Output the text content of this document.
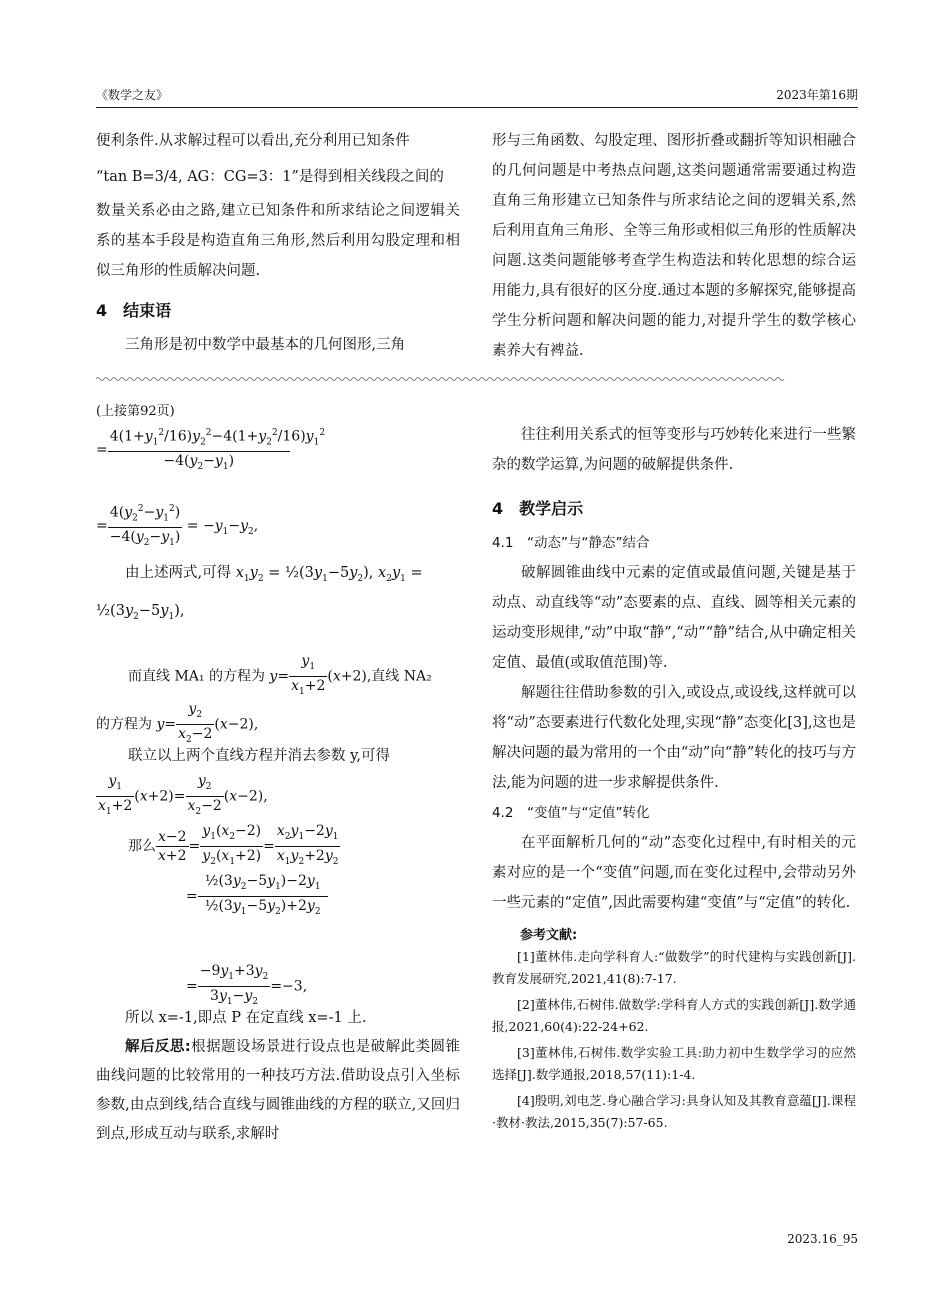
《数学之友》	2023年第16期

便利条件.从求解过程可以看出,充分利用已知条件

“tan B=3/4, AG：CG=3：1”是得到相关线段之间的

数量关系必由之路,建立已知条件和所求结论之间逻辑关系的基本手段是构造直角三角形,然后利用勾股定理和相似三角形的性质解决问题.

4　结束语

三角形是初中数学中最基本的几何图形,三角

形与三角函数、勾股定理、图形折叠或翻折等知识相融合的几何问题是中考热点问题,这类问题通常需要通过构造直角三角形建立已知条件与所求结论之间的逻辑关系,然后利用直角三角形、全等三角形或相似三角形的性质解决问题.这类问题能够考查学生构造法和转化思想的综合运用能力,具有很好的区分度.通过本题的多解探究,能够提高学生分析问题和解决问题的能力,对提升学生的数学核心素养大有裨益.

(上接第92页)
= $\frac{4(1+y_1^2/16)y_2^2-4(1+y_2^2/16)y_1^2}{-4(y_2-y_1)}$
= $\frac{4(y_2^2-y_1^2)}{-4(y_2-y_1)} = -y_1-y_2$,

由上述两式,可得 $x_1y_2$ = $\frac{1}{2}(3y_1-5y_2)$, $x_2y_1$ =

$\frac{1}{2}(3y_2-5y_1)$,

而直线 MA₁ 的方程为 $y= \frac{y_1}{x_1+2} (x+2)$,直线 NA₂
的方程为 $y= \frac{y_2}{x_2-2} (x-2)$,
联立以上两个直线方程并消去参数 y,可得
$\frac{y_1}{x_1+2} (x+2)= \frac{y_2}{x_2-2} (x-2)$,
那么 $\frac{x-2}{x+2} = \frac{y_1(x_2-2)}{y_2(x_1+2)} = \frac{x_2y_1-2y_1}{x_1y_2+2y_2}$
= $\frac{\frac{1}{2}(3y_2-5y_1)-2y_1}{\frac{1}{2}(3y_1-5y_2)+2y_2}$
= $\frac{-9y_1+3y_2}{3y_1-y_2} =-3$,

所以 x=-1,即点 P 在定直线 x=-1 上.

解后反思:根据题设场景进行设点也是破解此类圆锥曲线问题的比较常用的一种技巧方法.借助设点引入坐标参数,由点到线,结合直线与圆锥曲线的方程的联立,又回归到点,形成互动与联系,求解时

往往利用关系式的恒等变形与巧妙转化来进行一些繁杂的数学运算,为问题的破解提供条件.

4　教学启示

4.1　“动态”与“静态”结合

破解圆锥曲线中元素的定值或最值问题,关键是基于动点、动直线等“动”态要素的点、直线、圆等相关元素的运动变形规律,“动”中取“静”,“动”“静”结合,从中确定相关定值、最值(或取值范围)等.

解题往往借助参数的引入,或设点,或设线,这样就可以将“动”态要素进行代数化处理,实现“静”态变化[3],这也是解决问题的最为常用的一个由“动”向“静”转化的技巧与方法,能为问题的进一步求解提供条件.

4.2　“变值”与“定值”转化

在平面解析几何的“动”态变化过程中,有时相关的元素对应的是一个“变值”问题,而在变化过程中,会带动另外一些元素的“定值”,因此需要构建“变值”与“定值”的转化.

参考文献:

[1]董林伟.走向学科育人:“做数学”的时代建构与实践创新[J].教育发展研究,2021,41(8):7-17.

[2]董林伟,石树伟.做数学:学科育人方式的实践创新[J].数学通报,2021,60(4):22-24+62.

[3]董林伟,石树伟.数学实验工具:助力初中生数学学习的应然选择[J].数学通报,2018,57(11):1-4.

[4]殷明,刘电芝.身心融合学习:具身认知及其教育意蕴[J].课程·教材·教法,2015,35(7):57-65.

2023.16_95
